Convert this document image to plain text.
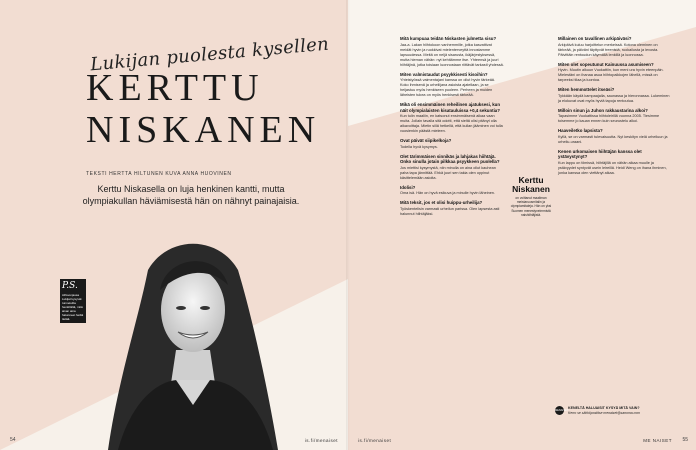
Lukijan puolesta kysellen
KERTTU
NISKANEN
TEKSTI HERTTA HILTUNEN KUVA ANNA HUOVINEN
Kerttu Niskasella on luja henkinen kantti, mutta olympiakullan häviämisestä hän on nähnyt painajaisia.
P.S.
Aihioonjassa Lukijat kysyvät tunnetuilta henkilöiltä, mitä aivan aina halunneet heiltä tietää.
54	is.fi/menaiset
Mitä kumpuaa teidän Niskasten julmetta sisu?
Jaa-a. Lakan hiihtokoon vanhemmille, jotka kasvattivat meidät hyvin ja ruokkivat mielenterveyttä innostamme lapsuudessa. Meitä on neljä sisarusta, ikäjärjestyksessä, mutta hieman vähän: nyt kehitämme itse. Yhteensä ja juuri hiihtäjinä, jotka toisiaan luonnostaan riittävät tarkasti yhdessä.
Miten valmistaudut psyykkisesti kisoihin?
Yhteistyössä valmentajani kanssa on ollut hyvin tärkeää. Koko ihmisenä ja urheilijana asioista ajatellaan, ja se heijastuu myös henkiseen puoleen. Perheen ja muiden läheisten tukea on myös henkisesti tärkeää.
Mikä oli ensimmäinen reheilinen ajatuksesi, kun näit olympialaisten kisatauluissa +0,4 sekuntia?
Kun tulin maaliin, en katsonut ensimmäisenä aikaa vaan muita. Jollain tavalla sitä odotti, että sieltä olisi pitänyt olla aikavoittaja. Mietin sillä hetkellä, että kullan jääminen voi tulla vuosienkin päästä mieleen.
Ovat päivät siipikelkoja?
Todella hyvä kysymys.
Olet tärimmäisen sinnikäs ja lahjakas hiihtäjä. Onko sinulla jotain pilkkaa psyykkeen puolella?
Jos miettisi kysymystä, niin minulla on aina ollut kauhean paha tapa jännittää. Ehkä juuri sen takia olen oppinut käsittelemään asioita.
Idolisi?
Oma isä. Hän on hyvä esikuva ja minulle hyvin läheinen.
Mitä teksit, jos et olisi huippu-urheilija?
Työskentelisin varmasti urheilun parissa. Olen lapsesta asti halunnut hiihtäjäksi.
Kerttu Niskanen
on voittanut maailman meistaruusmitalin ja olympiamitaleja. Hän on yksi Suomen menestyneimmistä naishiihtäjistä.
Millainen on tavallinen arkipäiväsi?
Arkipäivä kuluu harjoittelun merkeissä. Kotona oleminen on tärkeää, ja päiväni täyttyvät treenistä, ruokailusta ja levosta. Päivittäin rentoudun käymällä lenkillä ja luonnossa.
Miten olet sopeutunut Kainuussa asumiseen?
Hyvin. Muutin alkuun Vuokattiin, kun meni ura hyvin eteenpäin. Mielestäni on ihanaa asua hiihtopaikkojen lähellä, missä on tarpeeksi tilaa ja luontoa.
Miten hemmottelet itseäsi?
Tykkään käydä kampaajalla, saunassa ja hieronnassa. Lukeminen ja elokuvat ovat myös hyviä tapoja rentoutua.
Milloin sinun ja Juhon rakkaustarina alkoi?
Tapasimme Vuokattissa hiihtoleirillä vuonna 2005. Tiesimme toisemme jo kauan ennen kuin seurustelu alkoi.
Haaveiletko lapsista?
Kyllä, se on varmasti tulevaisuutta. Nyt keskityn vielä urheiluun ja urheilu-uraani.
Kenen urkomaisen hiihtäjän kanssa olet ystävystynyt?
Kun lappu on tiimissä, hiihtäjillä on vähän aikaa muulle ja ystävyydet syntyvät usein leireillä. Heidi Weng on ihana ihminen, jonka kanssa olen viettänyt aikaa.
MENAISET
KENELTÄ HALUAISIT KYSYÄ MITÄ VAIN?
Kerro se sähköpostitse menaiset@sanoma.com
is.fi/menaiset	ME NAISET 55
